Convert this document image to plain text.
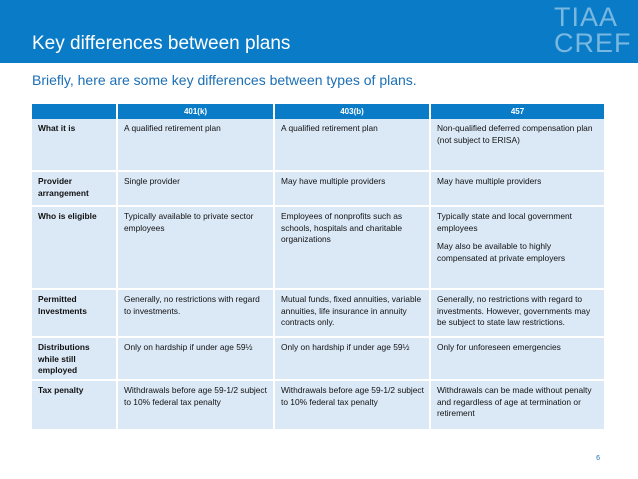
Key differences between plans
TIAA
CREF
Briefly, here are some key differences between types of plans.
	401(k)	403(b)	457
What it is	A qualified retirement plan	A qualified retirement plan	Non-qualified deferred compensation plan (not subject to ERISA)
Provider arrangement	Single provider	May have multiple providers	May have multiple providers
Who is eligible	Typically available to private sector employees	Employees of nonprofits such as schools, hospitals and charitable organizations	Typically state and local government employees
May also be available to highly compensated at private employers

Permitted Investments	Generally, no restrictions with regard to investments.	Mutual funds, fixed annuities, variable annuities, life insurance in annuity contracts only.	Generally, no restrictions with regard to investments. However, governments may be subject to state law restrictions.
Distributions while still employed	Only on hardship if under age 59½	Only on hardship if under age 59½	Only for unforeseen emergencies
Tax penalty	Withdrawals before age 59-1/2 subject to 10% federal tax penalty	Withdrawals before age 59-1/2 subject to 10% federal tax penalty	Withdrawals can be made without penalty and regardless of age at termination or retirement
6
